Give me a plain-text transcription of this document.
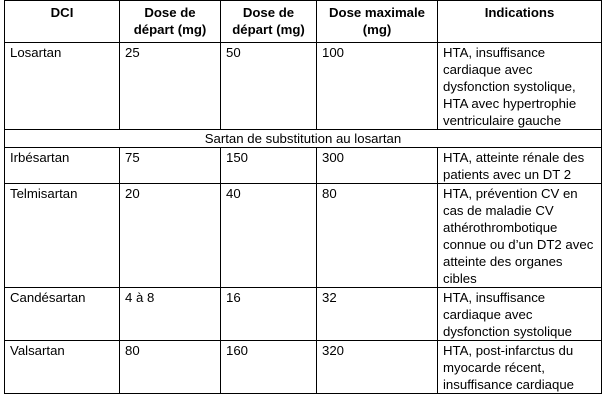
DCI	Dose de départ (mg)	Dose de départ (mg)	Dose maximale (mg)	Indications
Losartan	25	50	100	HTA, insuffisance cardiaque avec dysfonction systolique, HTA avec hypertrophie ventriculaire gauche
Sartan de substitution au losartan				
Irbésartan	75	150	300	HTA, atteinte rénale des patients avec un DT 2
Telmisartan	20	40	80	HTA, prévention CV en cas de maladie CV athérothrombotique connue ou d’un DT2 avec atteinte des organes cibles
Candésartan	4 à 8	16	32	HTA, insuffisance cardiaque avec dysfonction systolique
Valsartan	80	160	320	HTA, post-infarctus du myocarde récent, insuffisance cardiaque
